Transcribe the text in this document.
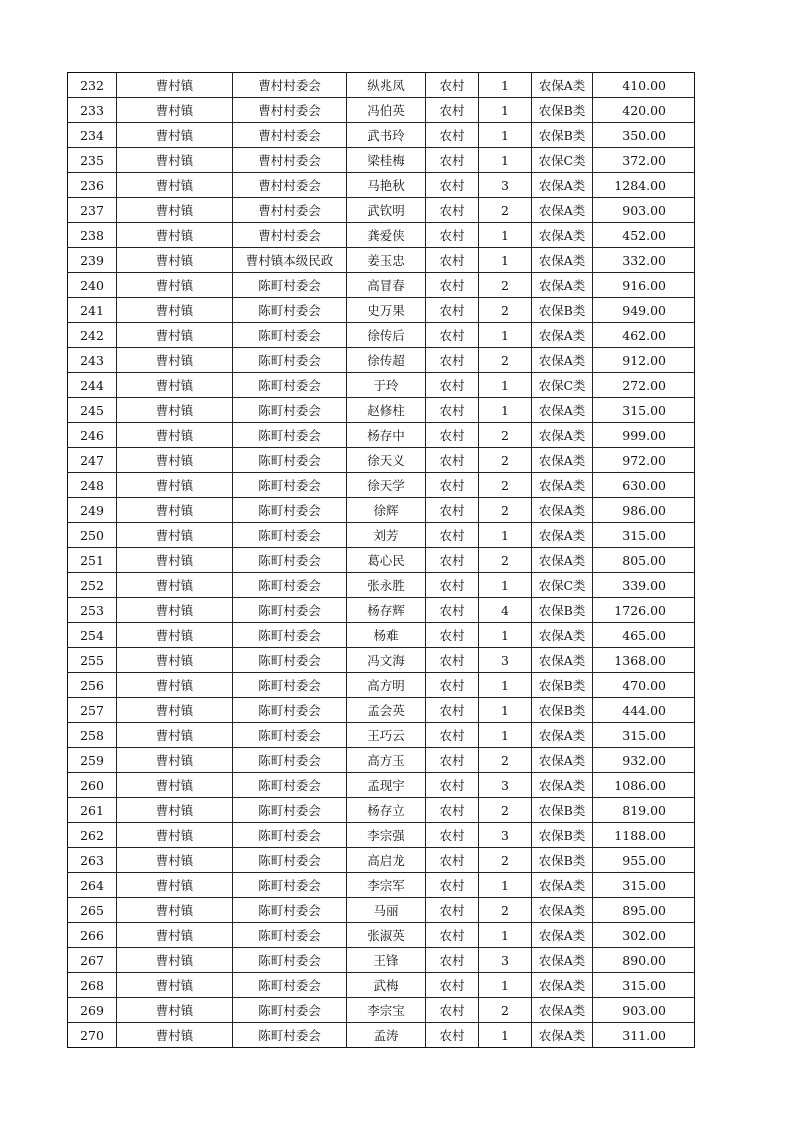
232	曹村镇	曹村村委会	纵兆凤	农村	1	农保A类	410.00
233	曹村镇	曹村村委会	冯伯英	农村	1	农保B类	420.00
234	曹村镇	曹村村委会	武书玲	农村	1	农保B类	350.00
235	曹村镇	曹村村委会	梁桂梅	农村	1	农保C类	372.00
236	曹村镇	曹村村委会	马艳秋	农村	3	农保A类	1284.00
237	曹村镇	曹村村委会	武钦明	农村	2	农保A类	903.00
238	曹村镇	曹村村委会	龚爱侠	农村	1	农保A类	452.00
239	曹村镇	曹村镇本级民政	姜玉忠	农村	1	农保A类	332.00
240	曹村镇	陈町村委会	高冒春	农村	2	农保A类	916.00
241	曹村镇	陈町村委会	史万果	农村	2	农保B类	949.00
242	曹村镇	陈町村委会	徐传后	农村	1	农保A类	462.00
243	曹村镇	陈町村委会	徐传超	农村	2	农保A类	912.00
244	曹村镇	陈町村委会	于玲	农村	1	农保C类	272.00
245	曹村镇	陈町村委会	赵修柱	农村	1	农保A类	315.00
246	曹村镇	陈町村委会	杨存中	农村	2	农保A类	999.00
247	曹村镇	陈町村委会	徐天义	农村	2	农保A类	972.00
248	曹村镇	陈町村委会	徐天学	农村	2	农保A类	630.00
249	曹村镇	陈町村委会	徐辉	农村	2	农保A类	986.00
250	曹村镇	陈町村委会	刘芳	农村	1	农保A类	315.00
251	曹村镇	陈町村委会	葛心民	农村	2	农保A类	805.00
252	曹村镇	陈町村委会	张永胜	农村	1	农保C类	339.00
253	曹村镇	陈町村委会	杨存辉	农村	4	农保B类	1726.00
254	曹村镇	陈町村委会	杨难	农村	1	农保A类	465.00
255	曹村镇	陈町村委会	冯文海	农村	3	农保A类	1368.00
256	曹村镇	陈町村委会	高方明	农村	1	农保B类	470.00
257	曹村镇	陈町村委会	孟会英	农村	1	农保B类	444.00
258	曹村镇	陈町村委会	王巧云	农村	1	农保A类	315.00
259	曹村镇	陈町村委会	高方玉	农村	2	农保A类	932.00
260	曹村镇	陈町村委会	孟现宇	农村	3	农保A类	1086.00
261	曹村镇	陈町村委会	杨存立	农村	2	农保B类	819.00
262	曹村镇	陈町村委会	李宗强	农村	3	农保B类	1188.00
263	曹村镇	陈町村委会	高启龙	农村	2	农保B类	955.00
264	曹村镇	陈町村委会	李宗军	农村	1	农保A类	315.00
265	曹村镇	陈町村委会	马丽	农村	2	农保A类	895.00
266	曹村镇	陈町村委会	张淑英	农村	1	农保A类	302.00
267	曹村镇	陈町村委会	王锋	农村	3	农保A类	890.00
268	曹村镇	陈町村委会	武梅	农村	1	农保A类	315.00
269	曹村镇	陈町村委会	李宗宝	农村	2	农保A类	903.00
270	曹村镇	陈町村委会	孟涛	农村	1	农保A类	311.00
